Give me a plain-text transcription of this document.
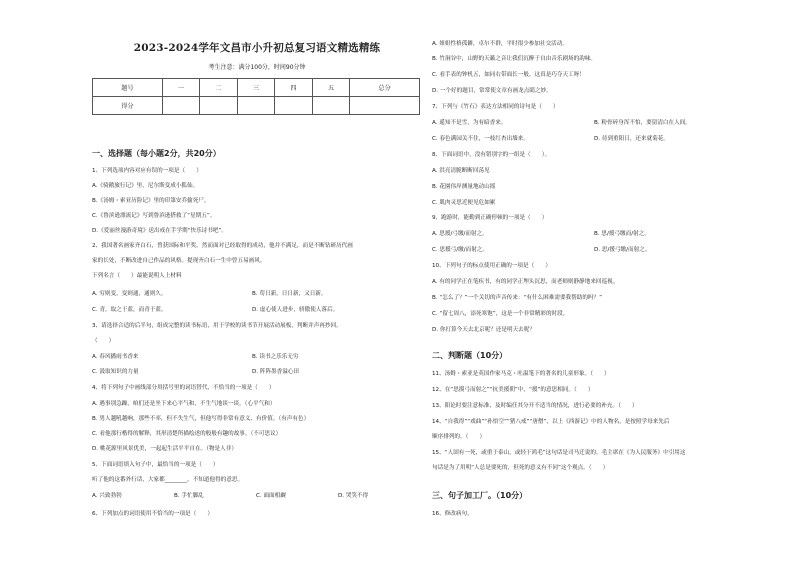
2023-2024学年文昌市小升初总复习语文精选精练
考生注意：满分100分，时间90分钟
题号	一	二	三	四	五	总分
得分						
一、选择题（每小题2分，共20分）
1、下列选项内容对应有误的一项是（　　）
A.《骑鹅旅行记》里，尼尔斯变成小狐仙。
B.《汤姆・索亚历险记》里的印第安乔偷死尸。
C.《鲁滨逊漂流记》写到鲁滨逊搭救了“星期五”。
D.《爱丽丝漫游奇境》送出戒在手学期“快乐诗书吧”。
2、我国著名画家齐白石，曾获国际和平奖。然而面对已经取得的成功，他并不满足，而是不断钻研历代画
家的长处，不断改进自己作品的风格。提现齐白石一生中曾五易画风。
下列名言（　　）最能说明人上材料
A. 穷则变，变则通，通则久。	B. 苟日新，日日新，又日新。
C. 青，取之于蓝，而青于蓝。	D. 虚心使人进步，骄傲使人落后。
3、请选择合适的后半句，组成完整的读书标语，用于学校的读书节开展活动展板，判断并声再抄回。
（　　）
A. 春风播雨书香来	B. 读书之乐乐无穷
C. 汲取知识的力量	D. 阵阵墨香溢心田
4、将下列句子中画线部分用括号里的词语替代，不恰当的一项是（　　）
A. 遇事别急躁，咱们还是坐下来心平气和，不生气地谈一谈。（心平气和）
B. 男人越吼越响，那些不率，但不失生气，但他写得非常有意义、有价值。（有声有色）
C. 看他那行楷得的解释，其形清楚所描绘述的般般有趣的故事。（不可思议）
D. 桃花源里风景优美，一起起生活平平自在。（物是人非）
5、下面词语填入句子中，最恰当的一项是（　　）
听了他的这番外行话，大家都________，不知道他得的意思。
A. 兴致勃勃	B. 手忙脚乱	C. 面面相觑	D. 哭笑不得
6、下列加点的词语使用不恰当的一项是（　　）
A. 姐姐性格孤僻，卓尔不群，平时很少参加社交活动。
B. 竹涧谷中，山野的天籁之音让我们沉醉于自由音乐剧场的韵味。
C. 看手表的钟机五，如同右带面长一般，这真是巧夺天工呀！
D. 一个好的题目，常常使文章有画龙点睛之妙。
7、下列与《竹石》表达方法相同的诗句是（　　）
A. 遥知不是雪，为有暗香来。	B. 粉骨碎身浑不怕，要留清白在人间。
C. 春色满园关不住，一枝红杏出墙来。	D. 待到重阳日，还来就菊花。
8、下面词语中，没有错别字的一组是（　　）。
A. 洪亮清脆断断回荡见
B. 花園伟岸测量地动山摇
C. 肌肉灵思近便见危如累
9、跑游时，能勤到正确停顿的一项是（　　）
A. 思援/弓缴/而射之。	B. 思/援弓缴而/射之。
C. 思援弓/缴/而射之。	D. 思/援弓缴/而射之。
10、下列句子的标点使用正确的一项是（　　）
A. 有的同学正在笔疾书，有的同学正埋头沉思，而老师则静静地来回巡视。
B. “怎么了？”一个关切的声音传来：“有什么困难需要我帮助的吗？”
C. “留七周八，添死寒饱”，这是一个非常精彩的时段。
D. 你打算今天去北京呢？还是明天去呢？
二、判断题（10分）
11、汤姆・索亚是英国作家马克・吐温笔下的著名的儿童形象。（　　）
12、在“思摸弓而射之”“抗美援朝”中，“援”的意思相同。（　　）
13、阳论时要注意标准，及时编任其分开不适当的情况，进行必要的补充。（　　）
14、“自我得”“戏曲”“孙悟空”“猪八戒”“唐僧”，以上《西游记》中的人物名，是按照学母来先后
顺序排列的。（　　）
15、“人固有一死，或重于泰山，或轻于鸿毛”这句话是司马迁说的。毛主席在《为人民服务》中引用这
句话是为了用明“人总是要死的，但死的意义有不同”这个观点。（　　）
三、句子加工厂。（10分）
16、修改病句。
